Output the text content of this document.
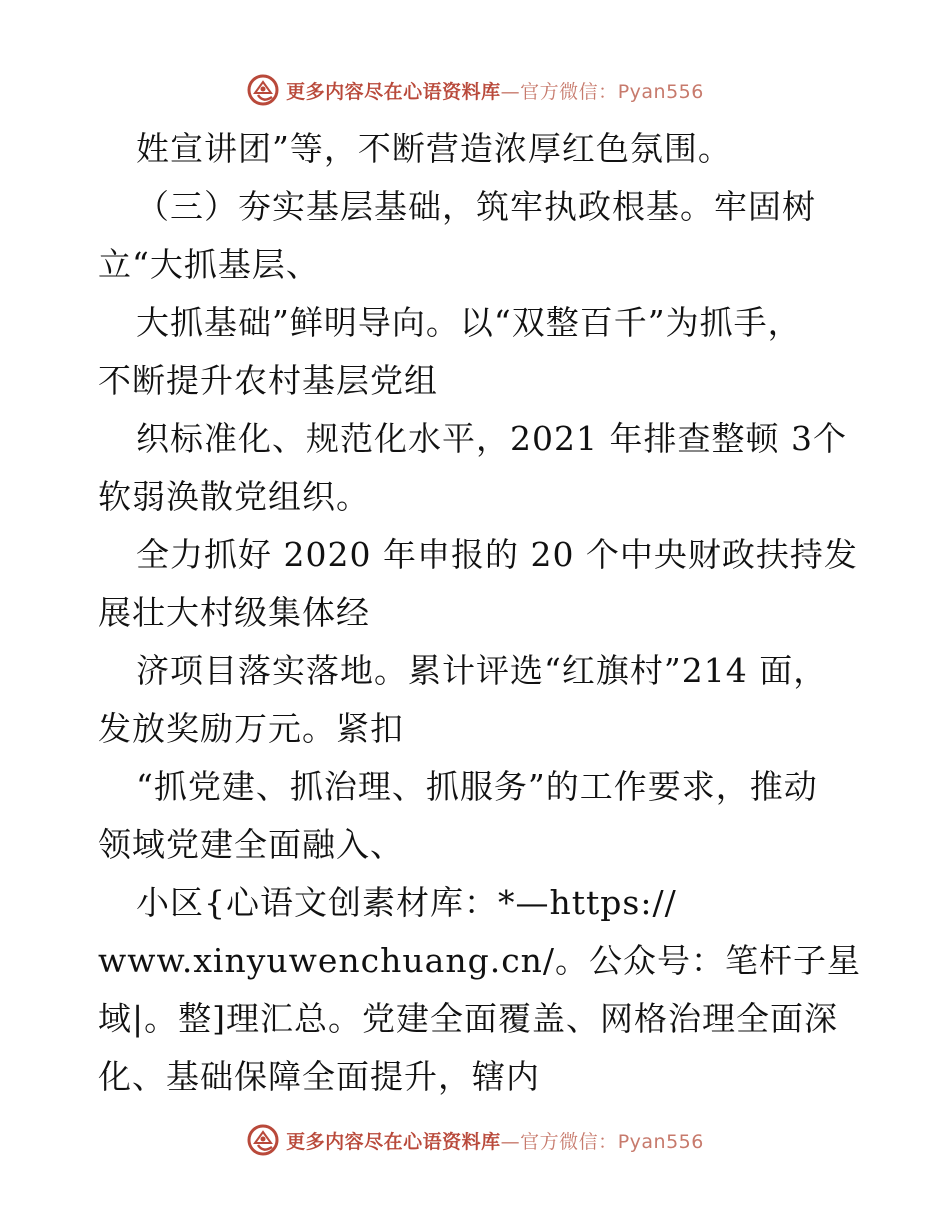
更多内容尽在心语资料库—官方微信：Pyan556
姓宣讲团”等，不断营造浓厚红色氛围。
（三）夯实基层基础，筑牢执政根基。牢固树
立“大抓基层、
大抓基础”鲜明导向。以“双整百千”为抓手，
不断提升农村基层党组
织标准化、规范化水平，2021 年排查整顿 3个
软弱涣散党组织。
全力抓好 2020 年申报的 20 个中央财政扶持发
展壮大村级集体经
济项目落实落地。累计评选“红旗村”214 面，
发放奖励万元。紧扣
“抓党建、抓治理、抓服务”的工作要求，推动
领域党建全面融入、
小区{心语文创素材库：*—https://
www.xinyuwenchuang.cn/。公众号：笔杆子星
域|。整]理汇总。党建全面覆盖、网格治理全面深
化、基础保障全面提升，辖内
更多内容尽在心语资料库—官方微信：Pyan556
